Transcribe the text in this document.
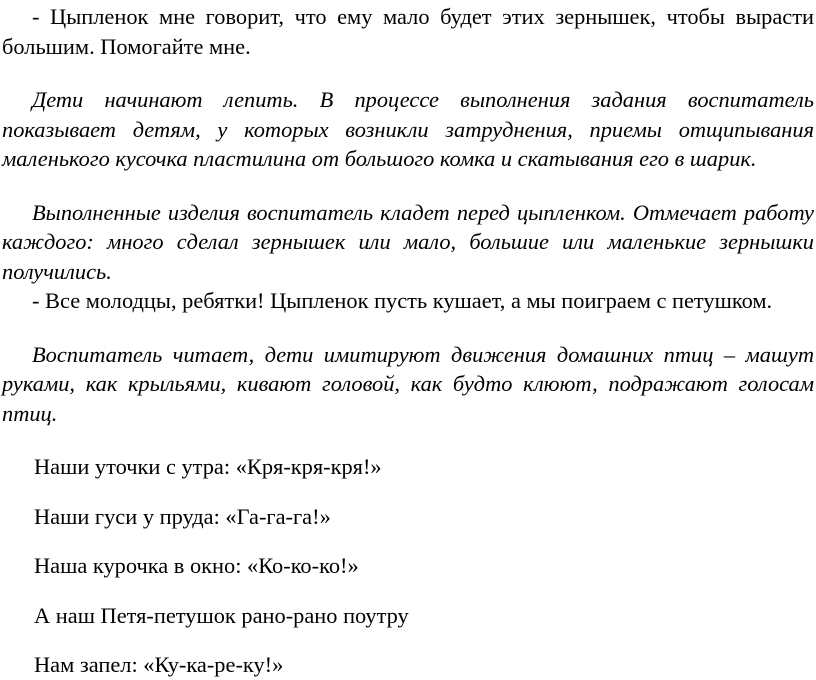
- Цыпленок мне говорит, что ему мало будет этих зернышек, чтобы вырасти большим. Помогайте мне.

Дети начинают лепить. В процессе выполнения задания воспитатель показывает детям, у которых возникли затруднения, приемы отщипывания маленького кусочка пластилина от большого комка и скатывания его в шарик.

Выполненные изделия воспитатель кладет перед цыпленком. Отмечает работу каждого: много сделал зернышек или мало, большие или маленькие зернышки получились.

- Все молодцы, ребятки! Цыпленок пусть кушает, а мы поиграем с петушком.

Воспитатель читает, дети имитируют движения домашних птиц – машут руками, как крыльями, кивают головой, как будто клюют, подражают голосам птиц.

Наши уточки с утра: «Кря-кря-кря!»

Наши гуси у пруда: «Га-га-га!»

Наша курочка в окно: «Ко-ко-ко!»

А наш Петя-петушок рано-рано поутру

Нам запел: «Ку-ка-ре-ку!»
